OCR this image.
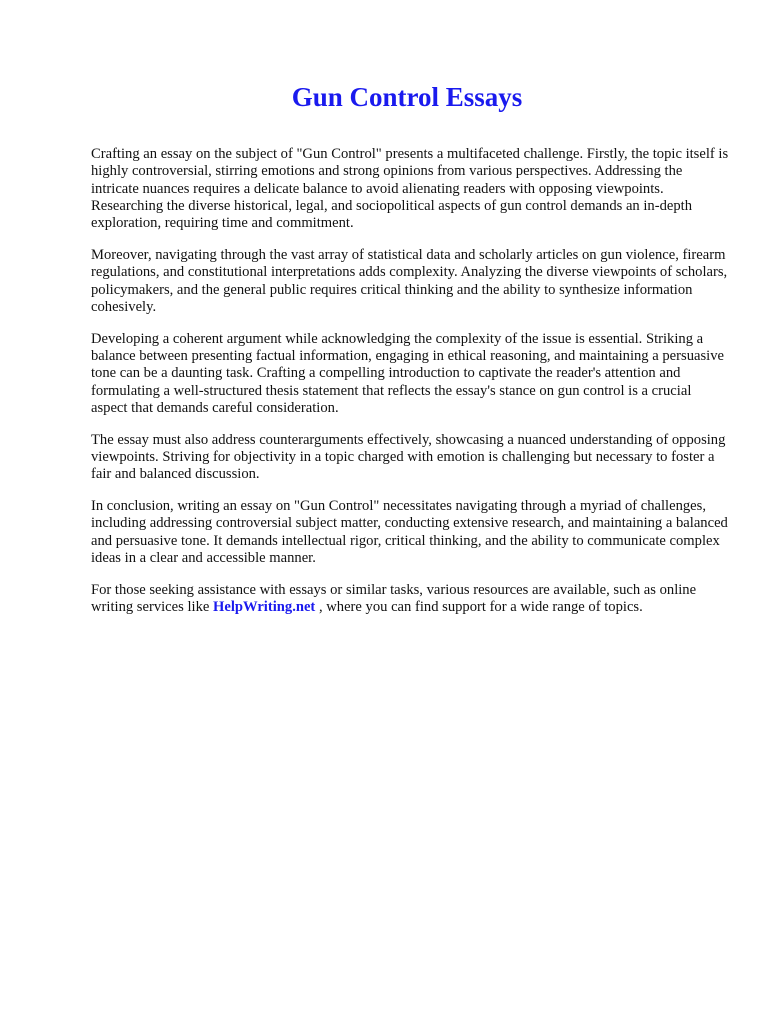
Gun Control Essays

Crafting an essay on the subject of "Gun Control" presents a multifaceted challenge. Firstly, the topic itself is highly controversial, stirring emotions and strong opinions from various perspectives. Addressing the intricate nuances requires a delicate balance to avoid alienating readers with opposing viewpoints. Researching the diverse historical, legal, and sociopolitical aspects of gun control demands an in-depth exploration, requiring time and commitment.

Moreover, navigating through the vast array of statistical data and scholarly articles on gun violence, firearm regulations, and constitutional interpretations adds complexity. Analyzing the diverse viewpoints of scholars, policymakers, and the general public requires critical thinking and the ability to synthesize information cohesively.

Developing a coherent argument while acknowledging the complexity of the issue is essential. Striking a balance between presenting factual information, engaging in ethical reasoning, and maintaining a persuasive tone can be a daunting task. Crafting a compelling introduction to captivate the reader's attention and formulating a well-structured thesis statement that reflects the essay's stance on gun control is a crucial aspect that demands careful consideration.

The essay must also address counterarguments effectively, showcasing a nuanced understanding of opposing viewpoints. Striving for objectivity in a topic charged with emotion is challenging but necessary to foster a fair and balanced discussion.

In conclusion, writing an essay on "Gun Control" necessitates navigating through a myriad of challenges, including addressing controversial subject matter, conducting extensive research, and maintaining a balanced and persuasive tone. It demands intellectual rigor, critical thinking, and the ability to communicate complex ideas in a clear and accessible manner.

For those seeking assistance with essays or similar tasks, various resources are available, such as online writing services like HelpWriting.net , where you can find support for a wide range of topics.
